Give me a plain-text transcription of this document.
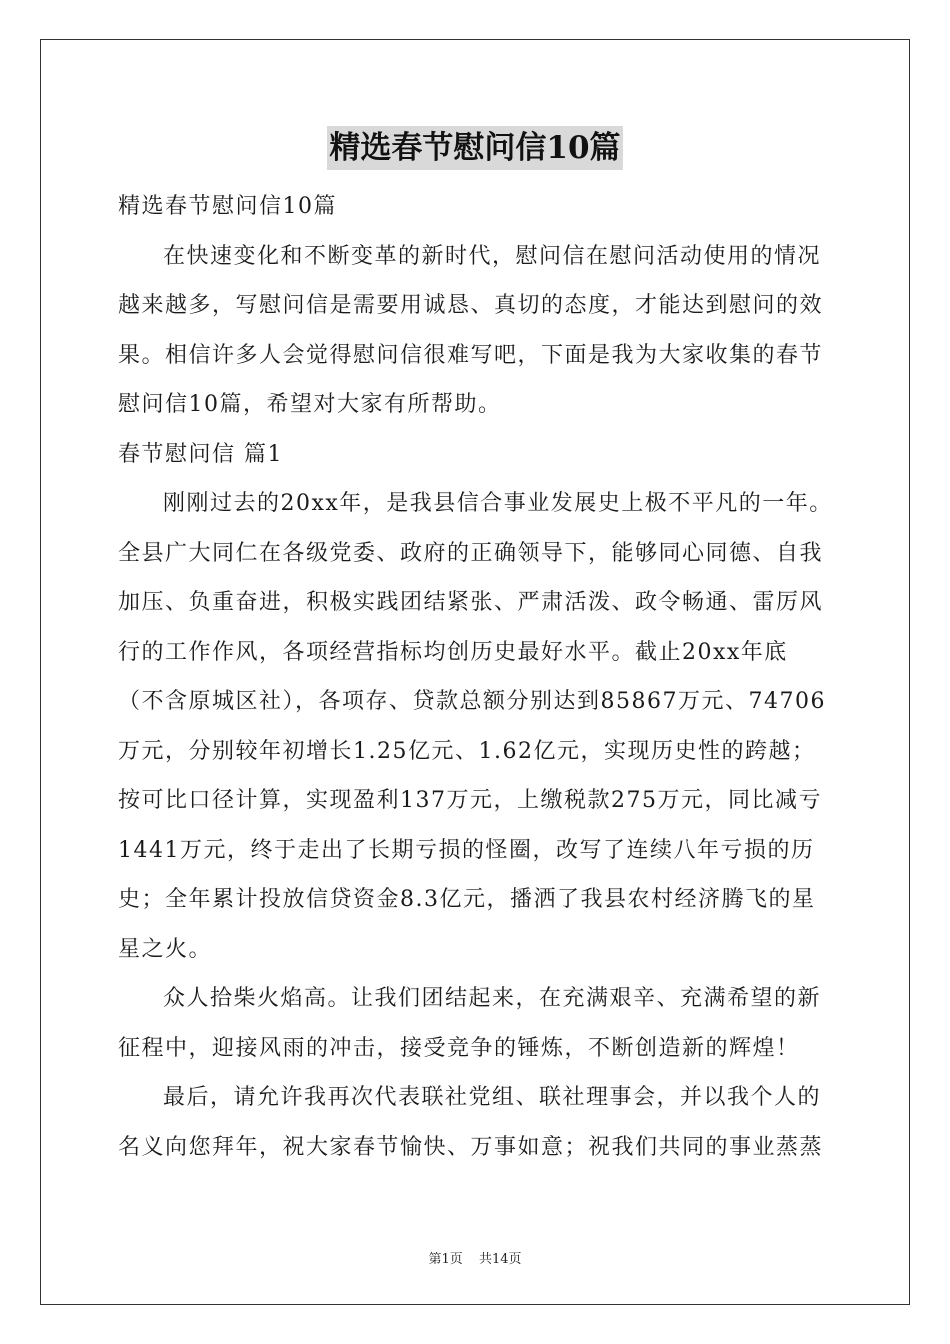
精选春节慰问信10篇
精选春节慰问信10篇
在快速变化和不断变革的新时代，慰问信在慰问活动使用的情况
越来越多，写慰问信是需要用诚恳、真切的态度，才能达到慰问的效
果。相信许多人会觉得慰问信很难写吧，下面是我为大家收集的春节
慰问信10篇，希望对大家有所帮助。
春节慰问信 篇1
刚刚过去的20xx年，是我县信合事业发展史上极不平凡的一年。
全县广大同仁在各级党委、政府的正确领导下，能够同心同德、自我
加压、负重奋进，积极实践团结紧张、严肃活泼、政令畅通、雷厉风
行的工作作风，各项经营指标均创历史最好水平。截止20xx年底
（不含原城区社），各项存、贷款总额分别达到85867万元、74706
万元，分别较年初增长1.25亿元、1.62亿元，实现历史性的跨越；
按可比口径计算，实现盈利137万元，上缴税款275万元，同比减亏
1441万元，终于走出了长期亏损的怪圈，改写了连续八年亏损的历
史；全年累计投放信贷资金8.3亿元，播洒了我县农村经济腾飞的星
星之火。
众人拾柴火焰高。让我们团结起来，在充满艰辛、充满希望的新
征程中，迎接风雨的冲击，接受竞争的锤炼，不断创造新的辉煌！
最后，请允许我再次代表联社党组、联社理事会，并以我个人的
名义向您拜年，祝大家春节愉快、万事如意；祝我们共同的事业蒸蒸
第1页 共14页
